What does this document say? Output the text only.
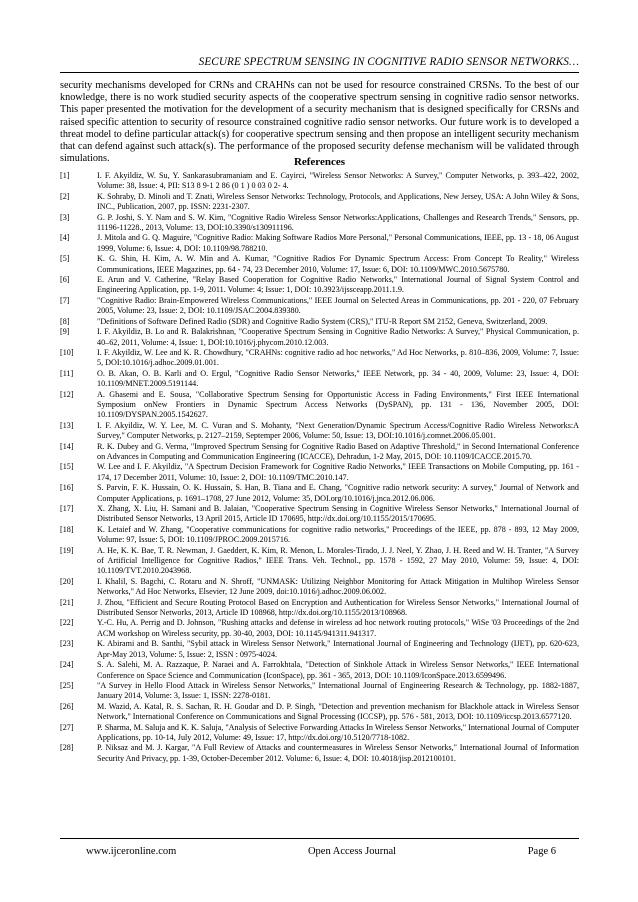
SECURE SPECTRUM SENSING IN COGNITIVE RADIO SENSOR NETWORKS…

security mechanisms developed for CRNs and CRAHNs can not be used for resource constrained CRSNs. To the best of our knowledge, there is no work studied security aspects of the cooperative spectrum sensing in cognitive radio sensor networks. This paper presented the motivation for the development of a security mechanism that is designed specifically for CRSNs and raised specific attention to security of resource constrained cognitive radio sensor networks. Our future work is to developed a threat model to define particular attack(s) for cooperative spectrum sensing and then propose an intelligent security mechanism that can defend against such attack(s). The performance of the proposed security defense mechanism will be validated through simulations.	References
[1]	I. F. Akyildiz, W. Su, Y. Sankarasubramaniam and E. Cayirci, "Wireless Sensor Networks: A Survey," Computer Networks, p. 393–422, 2002, Volume: 38, Issue: 4, PII: S13 8 9-1 2 86 (0 1 ) 0 03 0 2- 4.
[2]	K. Sohraby, D. Minoli and T. Znati, Wireless Sensor Networks: Technology, Protocols, and Applications, New Jersey, USA: A John Wiley & Sons, INC., Publication, 2007, pp. ISSN: 2231-2307.
[3]	G. P. Joshi, S. Y. Nam and S. W. Kim, "Cognitive Radio Wireless Sensor Networks:Applications, Challenges and Research Trends," Sensors, pp. 11196-11228., 2013, Volume: 13, DOI:10.3390/s130911196.
[4]	J. Mitola and G. Q. Maguire, "Cognitive Radio: Making Software Radios More Personal," Personal Communications, IEEE, pp. 13 - 18, 06 August 1999, Volume: 6, Issue: 4, DOI: 10.1109/98.788210.
[5]	K. G. Shin, H. Kim, A. W. Min and A. Kumar, "Cognitive Radios For Dynamic Spectrum Access: From Concept To Reality," Wireless Communications, IEEE Magazines, pp. 64 - 74, 23 December 2010, Volume: 17, Issue: 6, DOI: 10.1109/MWC.2010.5675780.
[6]	E. Arun and V. Catherine, "Relay Based Cooperation for Cognitive Radio Networks," International Journal of Signal System Control and Engineering Application, pp. 1-9, 2011. Volume: 4; Issue: 1, DOI: 10.3923/ijssceapp.2011.1.9.
[7]	"Cognitive Radio: Brain-Empowered Wireless Communications," IEEE Journal on Selected Areas in Communications, pp. 201 - 220, 07 February 2005, Volume: 23, Issue: 2, DOI: 10.1109/JSAC.2004.839380.
[8]	"Definitions of Software Defined Radio (SDR) and Cognitive Radio System (CRS)," ITU-R Report SM 2152, Geneva, Switzerland, 2009.
[9]	I. F. Akyildiz, B. Lo and R. Balakrishnan, "Cooperative Spectrum Sensing in Cognitive Radio Networks: A Survey," Physical Communication, p. 40–62, 2011, Volume: 4, Issue: 1, DOI:10.1016/j.phycom.2010.12.003.
[10]	I. F. Akyildiz, W. Lee and K. R. Chowdhury, "CRAHNs: cognitive radio ad hoc networks," Ad Hoc Networks, p. 810–836, 2009, Volume: 7, Issue: 5, DOI:10.1016/j.adhoc.2009.01.001.
[11]	O. B. Akan, O. B. Karli and O. Ergul, "Cognitive Radio Sensor Networks," IEEE Network, pp. 34 - 40, 2009, Volume: 23, Issue: 4, DOI: 10.1109/MNET.2009.5191144.
[12]	A. Ghasemi and E. Sousa, "Collaborative Spectrum Sensing for Opportunistic Access in Fading Environments," First IEEE International Symposium onNew Frontiers in Dynamic Spectrum Access Networks (DySPAN), pp. 131 - 136, November 2005, DOI: 10.1109/DYSPAN.2005.1542627.
[13]	I. F. Akyildiz, W. Y. Lee, M. C. Vuran and S. Mohanty, "Next Generation/Dynamic Spectrum Access/Cognitive Radio Wireless Networks:A Survey," Computer Networks, p. 2127–2159, Septemper 2006, Volume: 50, Issue: 13, DOI:10.1016/j.comnet.2006.05.001.
[14]	R. K. Dubey and G. Verma, "Improved Spectrum Sensing for Cognitive Radio Based on Adaptive Threshold," in Second International Conference on Advances in Computing and Communication Engineering (ICACCE), Dehradun, 1-2 May, 2015, DOI: 10.1109/ICACCE.2015.70.
[15]	W. Lee and I. F. Akyildiz, "A Spectrum Decision Framework for Cognitive Radio Networks," IEEE Transactions on Mobile Computing, pp. 161 - 174, 17 December 2011, Volume: 10, Issue: 2, DOI: 10.1109/TMC.2010.147.
[16]	S. Parvin, F. K. Hussain, O. K. Hussain, S. Han, B. Tiana and E. Chang, "Cognitive radio network security: A survey," Journal of Network and Computer Applications, p. 1691–1708, 27 June 2012, Volume: 35, DOI.org/10.1016/j.jnca.2012.06.006.
[17]	X. Zhang, X. Liu, H. Samani and B. Jalaian, "Cooperative Spectrum Sensing in Cognitive Wireless Sensor Networks," International Journal of Distributed Sensor Networks, 13 April 2015, Article ID 170695, http://dx.doi.org/10.1155/2015/170695.
[18]	K. Letaief and W. Zhang, "Cooperative communications for cognitive radio networks," Proceedings of the IEEE, pp. 878 - 893, 12 May 2009, Volume: 97, Issue: 5, DOI: 10.1109/JPROC.2009.2015716.
[19]	A. He, K. K. Bae, T. R. Newman, J. Gaeddert, K. Kim, R. Menon, L. Morales-Tirado, J. J. Neel, Y. Zhao, J. H. Reed and W. H. Tranter, "A Survey of Artificial Intelligence for Cognitive Radios," IEEE Trans. Veh. Technol., pp. 1578 - 1592, 27 May 2010, Volume: 59, Issue: 4, DOI: 10.1109/TVT.2010.2043968.
[20]	I. Khalil, S. Bagchi, C. Rotaru and N. Shroff, "UNMASK: Utilizing Neighbor Monitoring for Attack Mitigation in Multihop Wireless Sensor Networks," Ad Hoc Networks, Elsevier, 12 June 2009, doi:10.1016/j.adhoc.2009.06.002.
[21]	J. Zhou, "Efficient and Secure Routing Protocol Based on Encryption and Authentication for Wireless Sensor Networks," International Journal of Distributed Sensor Networks, 2013, Article ID 108968, http://dx.doi.org/10.1155/2013/108968.
[22]	Y.-C. Hu, A. Perrig and D. Johnson, "Rushing attacks and defense in wireless ad hoc network routing protocols," WiSe '03 Proceedings of the 2nd ACM workshop on Wireless security, pp. 30-40, 2003, DOI: 10.1145/941311.941317.
[23]	K. Abirami and B. Santhi, "Sybil attack in Wireless Sensor Network," International Journal of Engineering and Technology (IJET), pp. 620-623, Apr-May 2013, Volume: 5, Issue: 2, ISSN : 0975-4024.
[24]	S. A. Salehi, M. A. Razzaque, P. Naraei and A. Farrokhtala, "Detection of Sinkhole Attack in Wireless Sensor Networks," IEEE International Conference on Space Science and Communication (IconSpace), pp. 361 - 365, 2013, DOI: 10.1109/IconSpace.2013.6599496.
[25]	"A Survey in Hello Flood Attack in Wireless Sensor Networks," International Journal of Engineering Research & Technology, pp. 1882-1887, January 2014, Volume: 3, Issue: 1, ISSN: 2278-0181.
[26]	M. Wazid, A. Katal, R. S. Sachan, R. H. Goudar and D. P. Singh, "Detection and prevention mechanism for Blackhole attack in Wireless Sensor Network," International Conference on Communications and Signal Processing (ICCSP), pp. 576 - 581, 2013, DOI: 10.1109/iccsp.2013.6577120.
[27]	P. Sharma, M. Saluja and K. K. Saluja, "Analysis of Selective Forwarding Attacks In Wireless Sensor Networks," International Journal of Computer Applications, pp. 10-14, July 2012, Volume: 49, Issue: 17, http://dx.doi.org/10.5120/7718-1082.
[28]	P. Niksaz and M. J. Kargar, "A Full Review of Attacks and countermeasures in Wireless Sensor Networks," International Journal of Information Security And Privacy, pp. 1-39, October-December 2012. Volume: 6, Issue: 4, DOI: 10.4018/jisp.2012100101.
www.ijceronline.com	Open Access Journal	Page 6
